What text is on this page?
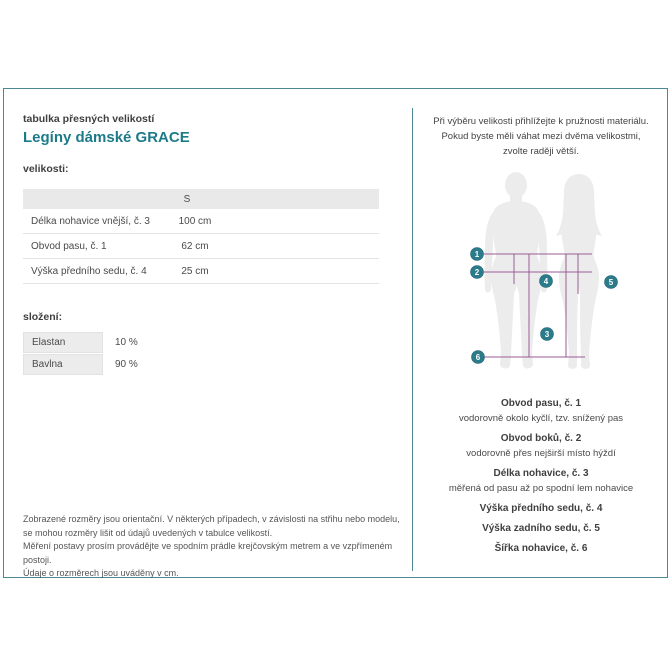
tabulka přesných velikostí
Legíny dámské GRACE
velikosti:
S
Délka nohavice vnější, č. 3	100 cm
Obvod pasu, č. 1	62 cm
Výška předního sedu, č. 4	25 cm
složení:
Elastan	10 %
Bavlna	90 %
Zobrazené rozměry jsou orientační. V některých případech, v závislosti na střihu nebo modelu,
se mohou rozměry lišit od údajů uvedených v tabulce velikostí.
Měření postavy prosím provádějte ve spodním prádle krejčovským metrem a ve vzpřímeném postoji.
Údaje o rozměrech jsou uváděny v cm.
Při výběru velikosti přihlížejte k pružnosti materiálu.
Pokud byste měli váhat mezi dvěma velikostmi,
zvolte raději větší.
1
2
3
4	5
6
Obvod pasu, č. 1
vodorovně okolo kyčlí, tzv. snížený pas
Obvod boků, č. 2
vodorovně přes nejširší místo hýždí
Délka nohavice, č. 3
měřená od pasu až po spodní lem nohavice
Výška předního sedu, č. 4
Výška zadního sedu, č. 5
Šířka nohavice, č. 6
